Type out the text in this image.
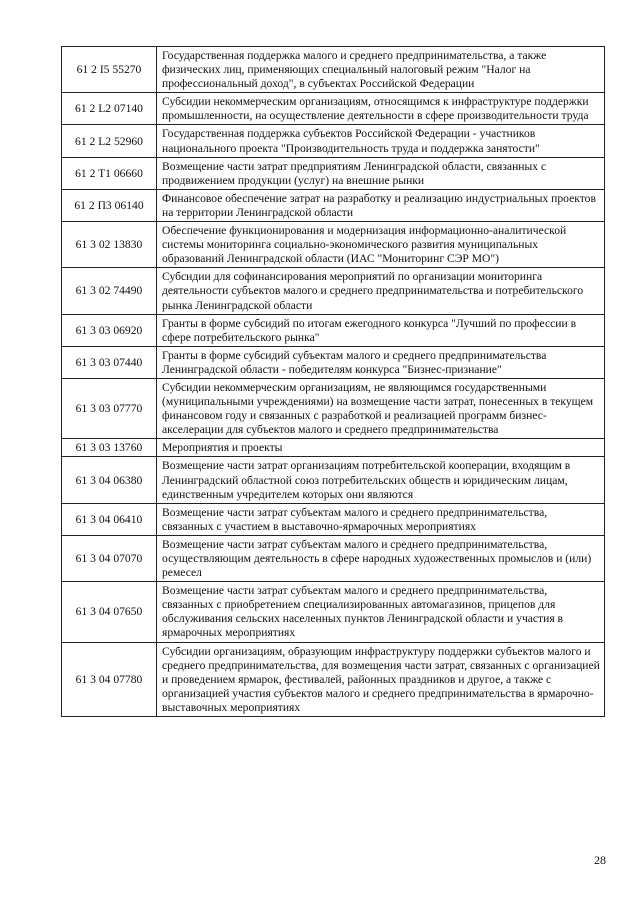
61 2 I5 55270	Государственная поддержка малого и среднего предпринимательства, а также физических лиц, применяющих специальный налоговый режим "Налог на профессиональный доход", в субъектах Российской Федерации
61 2 L2 07140	Субсидии некоммерческим организациям, относящимся к инфраструктуре поддержки промышленности, на осуществление деятельности в сфере производительности труда
61 2 L2 52960	Государственная поддержка субъектов Российской Федерации - участников национального проекта "Производительность труда и поддержка занятости"
61 2 T1 06660	Возмещение части затрат предприятиям Ленинградской области, связанных с продвижением продукции (услуг) на внешние рынки
61 2 П3 06140	Финансовое обеспечение затрат на разработку и реализацию индустриальных проектов на территории Ленинградской области
61 3 02 13830	Обеспечение функционирования и модернизация информационно-аналитической системы мониторинга социально-экономического развития муниципальных образований Ленинградской области (ИАС "Мониторинг СЭР МО")
61 3 02 74490	Субсидии для софинансирования мероприятий по организации мониторинга деятельности субъектов малого и среднего предпринимательства и потребительского рынка Ленинградской области
61 3 03 06920	Гранты в форме субсидий по итогам ежегодного конкурса "Лучший по профессии в сфере потребительского рынка"
61 3 03 07440	Гранты в форме субсидий субъектам малого и среднего предпринимательства Ленинградской области - победителям конкурса "Бизнес-признание"
61 3 03 07770	Субсидии некоммерческим организациям, не являющимся государственными (муниципальными учреждениями) на возмещение части затрат, понесенных в текущем финансовом году и связанных с разработкой и реализацией программ бизнес-акселерации для субъектов малого и среднего предпринимательства
61 3 03 13760	Мероприятия и проекты
61 3 04 06380	Возмещение части затрат организациям потребительской кооперации, входящим в Ленинградский областной союз потребительских обществ и юридическим лицам, единственным учредителем которых они являются
61 3 04 06410	Возмещение части затрат субъектам малого и среднего предпринимательства, связанных с участием в выставочно-ярмарочных мероприятиях
61 3 04 07070	Возмещение части затрат субъектам малого и среднего предпринимательства, осуществляющим деятельность в сфере народных художественных промыслов и (или) ремесел
61 3 04 07650	Возмещение части затрат субъектам малого и среднего предпринимательства, связанных с приобретением специализированных автомагазинов, прицепов для обслуживания сельских населенных пунктов Ленинградской области и участия в ярмарочных мероприятиях
61 3 04 07780	Субсидии организациям, образующим инфраструктуру поддержки субъектов малого и среднего предпринимательства, для возмещения части затрат, связанных с организацией и проведением ярмарок, фестивалей, районных праздников и другое, а также с организацией участия субъектов малого и среднего предпринимательства в ярмарочно-выставочных мероприятиях
28
